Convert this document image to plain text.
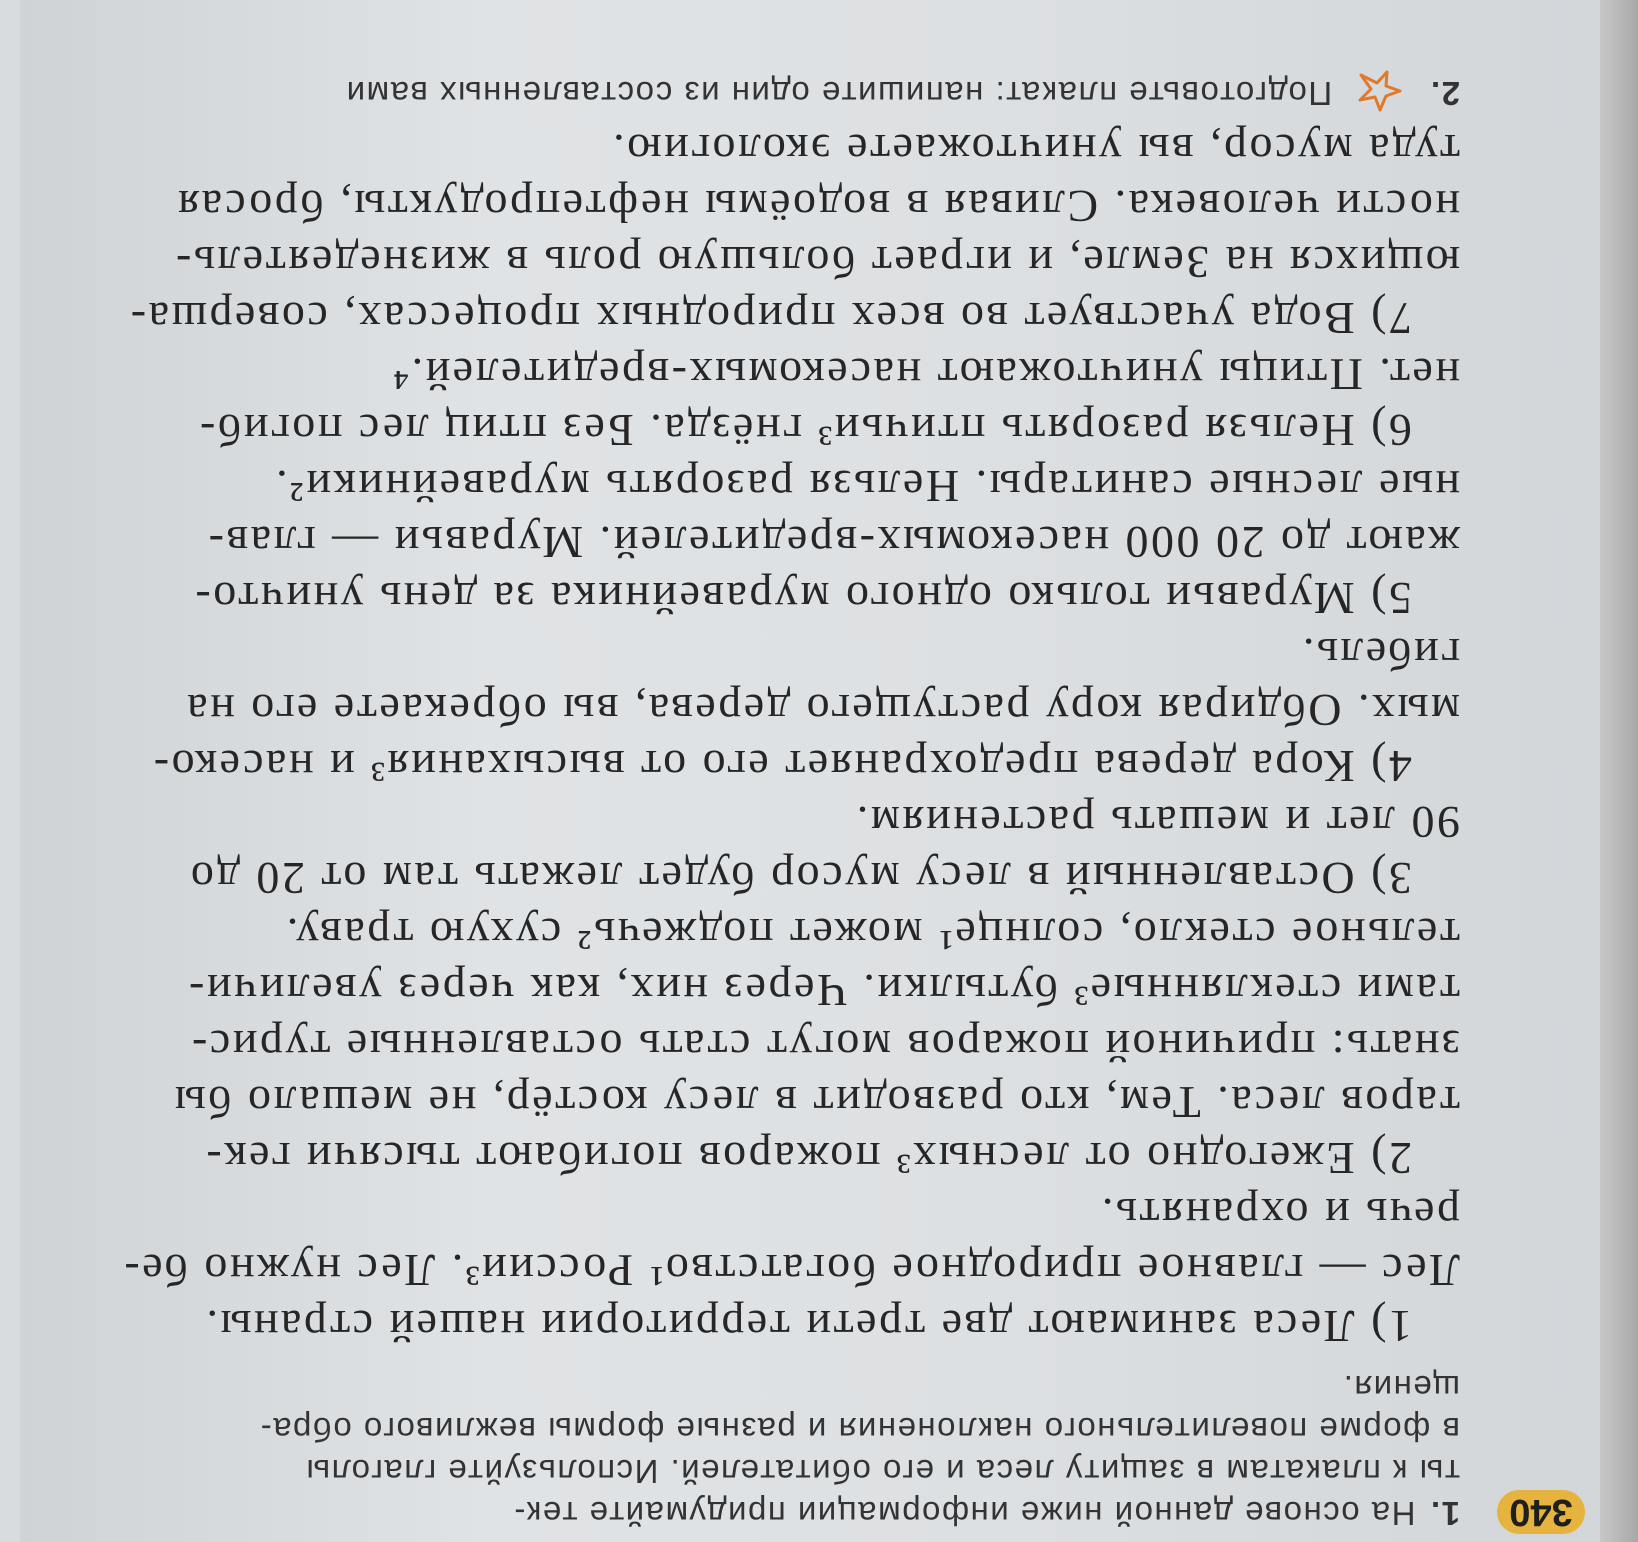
340
1.На основе данной ниже информации придумайте тек-
ты к плакатам в защиту леса и его обитателей. Используйте глаголы
в форме повелительного наклонения и разные формы вежливого обра-
щения.
1) Леса занимают две трети территории нашей страны.
Лес — главное природное богатство¹ России³. Лес нужно бе-
речь и охранять.
2) Ежегодно от лесных³ пожаров погибают тысячи гек-
таров леса. Тем, кто разводит в лесу костёр, не мешало бы
знать: причиной пожаров могут стать оставленные турис-
тами стеклянные³ бутылки. Через них, как через увеличи-
тельное стекло, солнце¹ может поджечь² сухую траву.
3) Оставленный в лесу мусор будет лежать там от 20 до
90 лет и мешать растениям.
4) Кора дерева предохраняет его от высыхания³ и насеко-
мых. Обдирая кору растущего дерева, вы обрекаете его на
гибель.
5) Муравьи только одного муравейника за день уничто-
жают до 20 000 насекомых-вредителей. Муравьи — глав-
ные лесные санитары. Нельзя разорять муравейники².
6) Нельзя разорять птичьи³ гнёзда. Без птиц лес погиб-
нет. Птицы уничтожают насекомых-вредителей.⁴
7) Вода участвует во всех природных процессах, соверша-
ющихся на Земле, и играет большую роль в жизнедеятель-
ности человека. Сливая в водоёмы нефтепродукты, бросая
туда мусор, вы уничтожаете экологию.
2.  Подготовьте плакат: напишите один из составленных вами
